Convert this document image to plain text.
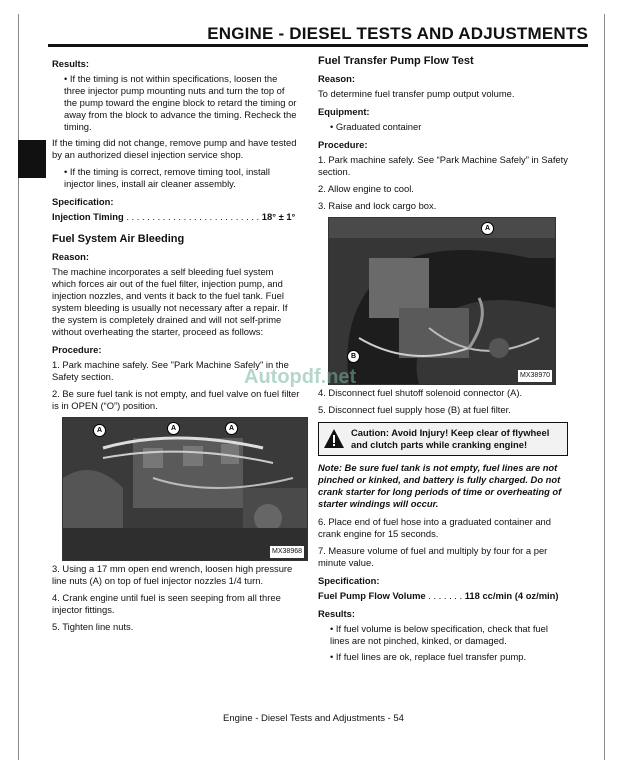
ENGINE - DIESEL TESTS AND ADJUSTMENTS
Results:

• If the timing is not within specifications, loosen the three injector pump mounting nuts and turn the top of the pump toward the engine block to retard the timing or away from the block to advance the timing. Recheck the timing.

If the timing did not change, remove pump and have tested by an authorized diesel injection service shop.

• If the timing is correct, remove timing tool, install injector lines, install air cleaner assembly.

Specification:
Injection Timing . . . . . . . . . . . . . . . . . . . . . . . . . . 18° ± 1°
Fuel System Air Bleeding
Reason:

The machine incorporates a self bleeding fuel system which forces air out of the fuel filter, injection pump, and injection nozzles, and vents it back to the fuel tank. Fuel system bleeding is usually not necessary after a repair. If the system is completely drained and will not self-prime without overheating the starter, proceed as follows:

Procedure:

1. Park machine safely. See "Park Machine Safely" in the Safety section.

2. Be sure fuel tank is not empty, and fuel valve on fuel filter is in OPEN (“O”) position.

A	A	A
MX38968

3. Using a 17 mm open end wrench, loosen high pressure line nuts (A) on top of fuel injector nozzles 1/4 turn.

4. Crank engine until fuel is seen seeping from all three injector fittings.

5. Tighten line nuts.

Fuel Transfer Pump Flow Test
Reason:

To determine fuel transfer pump output volume.

Equipment:

• Graduated container

Procedure:

1. Park machine safely. See “Park Machine Safely” in Safety section.

2. Allow engine to cool.

3. Raise and lock cargo box.

A
B
MX38970

4. Disconnect fuel shutoff solenoid connector (A).

5. Disconnect fuel supply hose (B) at fuel filter.

Caution: Avoid Injury! Keep clear of flywheel and clutch parts while cranking engine!

Note: Be sure fuel tank is not empty, fuel lines are not pinched or kinked, and battery is fully charged. Do not crank starter for long periods of time or overheating of starter windings will occur.

6. Place end of fuel hose into a graduated container and crank engine for 15 seconds.

7. Measure volume of fuel and multiply by four for a per minute value.

Specification:
Fuel Pump Flow Volume . . . . . . . 118 cc/min (4 oz/min)
Results:

• If fuel volume is below specification, check that fuel lines are not pinched, kinked, or damaged.

• If fuel lines are ok, replace fuel transfer pump.

Autopdf.net
Engine - Diesel Tests and Adjustments - 54
